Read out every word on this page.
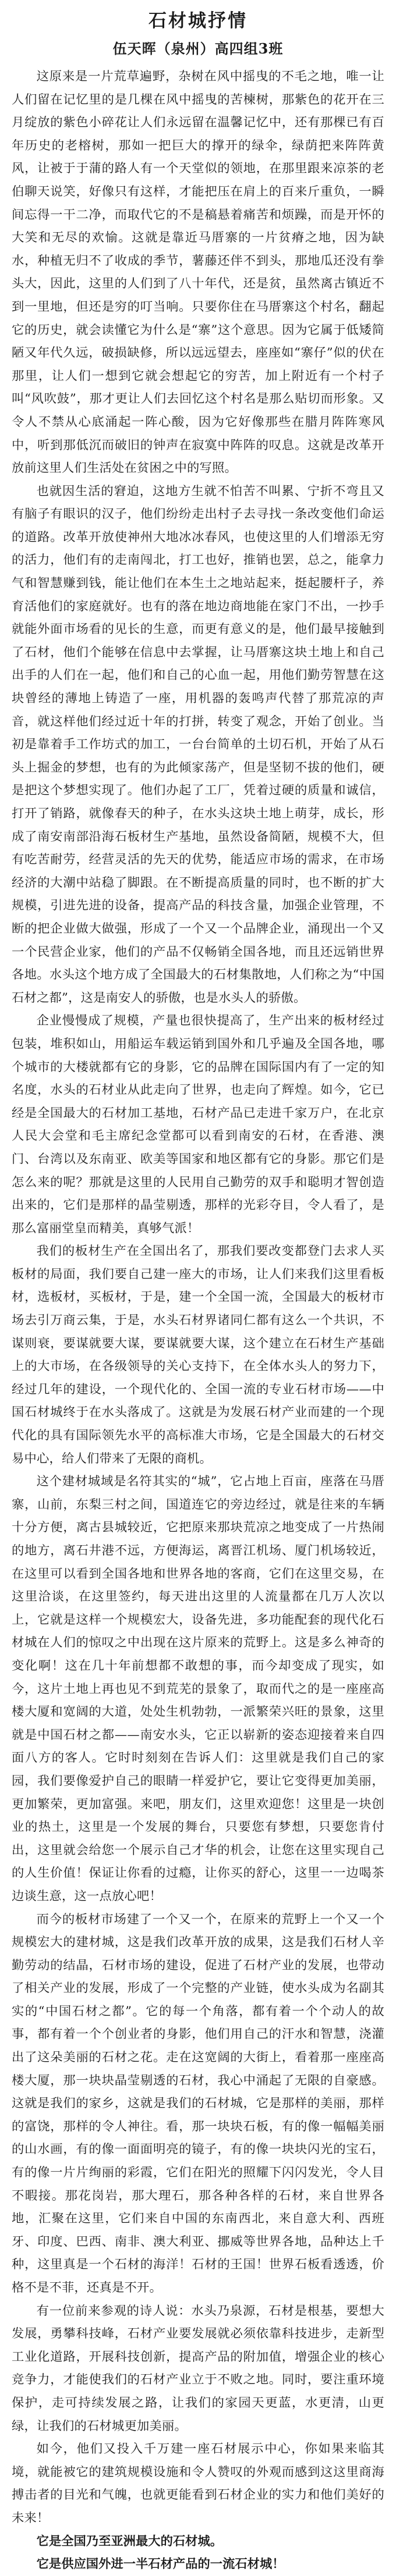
石材城抒情
伍天晖（泉州）高四组3班

这原来是一片荒草遍野，杂树在风中摇曳的不毛之地，唯一让人们留在记忆里的是几棵在风中摇曳的苦楝树，那紫色的花开在三月绽放的紫色小碎花让人们永远留在温馨记忆中，还有那棵已有百年历史的老榕树，那如一把巨大的撑开的绿伞，绿荫把来阵阵黄风，让被于于蒲的路人有一个天堂似的领地，在那里跟来凉茶的老伯聊天说笑，好像只有这样，才能把压在肩上的百来斤重负，一瞬间忘得一干二净，而取代它的不是稿悬着痛苦和烦躁，而是开怀的大笑和无尽的欢愉。这就是靠近马厝寨的一片贫瘠之地，因为缺水，种植无归不了收成的季节，薯藤还伴不到头，那地瓜还没有拳头大，因此，这里的人们到了八十年代，还是贫，虽然离古镇近不到一里地，但还是穷的叮当响。只要你住在马厝寨这个村名，翻起它的历史，就会读懂它为什么是“寨”这个意思。因为它属于低矮简陋又年代久远，破损缺修，所以远远望去，座座如“寨仔”似的伏在那里，让人们一想到它就会想起它的穷苦，加上附近有一个村子叫“风吹鼓”，那才更让人们去回忆这个村名是那么贴切而形象。又令人不禁从心底涌起一阵心酸，因为它好像那些在腊月阵阵寒风中，听到那低沉而破旧的钟声在寂寞中阵阵的叹息。这就是改革开放前这里人们生活处在贫困之中的写照。

也就因生活的窘迫，这地方生就不怕苦不叫累、宁折不弯且又有脑子有眼识的汉子，他们纷纷走出村子去寻找一条改变他们命运的道路。改革开放使神州大地冰冰春风，也使这里的人们增添无穷的活力，他们有的走南闯北，打工也好，推销也罢，总之，能拿力气和智慧赚到钱，能让他们在本生土之地站起来，挺起腰杆子，养育活他们的家庭就好。也有的落在地边商地能在家门不出，一抄手就能外面市场看的见长的生意，而更有意义的是，他们最早接触到了石材，他们个能够在信息中去掌握，让马厝寨这块土地上和自己出手的人们在一起，他们和自己的心血一起，用他们勤劳智慧在这块曾经的薄地上铸造了一座，用机器的轰鸣声代替了那荒凉的声音，就这样他们经过近十年的打拼，转变了观念，开始了创业。当初是靠着手工作坊式的加工，一台台简单的土切石机，开始了从石头上掘金的梦想，也有的为此倾家荡产，但是坚韧不拔的他们，硬是把这个梦想实现了。他们办起了工厂，凭着过硬的质量和诚信，打开了销路，就像春天的种子，在水头这块土地上萌芽，成长，形成了南安南部沿海石板材生产基地，虽然设备简陋，规模不大，但有吃苦耐劳，经营灵活的先天的优势，能适应市场的需求，在市场经济的大潮中站稳了脚跟。在不断提高质量的同时，也不断的扩大规模，引进先进的设备，提高产品的科技含量，加强企业管理，不断的把企业做大做强，形成了一个又一个品牌企业，涌现出一个又一个民营企业家，他们的产品不仅畅销全国各地，而且还远销世界各地。水头这个地方成了全国最大的石材集散地，人们称之为“中国石材之都”，这是南安人的骄傲，也是水头人的骄傲。

企业慢慢成了规模，产量也很快提高了，生产出来的板材经过包装，堆积如山，用船运车载运销到国外和几乎遍及全国各地，哪个城市的大楼就都有它的身影，它的品牌在国际国内有了一定的知名度，水头的石材业从此走向了世界，也走向了辉煌。如今，它已经是全国最大的石材加工基地，石材产品已走进千家万户，在北京人民大会堂和毛主席纪念堂都可以看到南安的石材，在香港、澳门、台湾以及东南亚、欧美等国家和地区都有它的身影。那它们是怎么来的呢？那就是这里的人民用自己勤劳的双手和聪明才智创造出来的，它们是那样的晶莹剔透，那样的光彩夺目，令人看了，是那么富丽堂皇而精美，真够气派！

我们的板材生产在全国出名了，那我们要改变都登门去求人买板材的局面，我们要自己建一座大的市场，让人们来我们这里看板材，选板材，买板材，于是，建一个全国一流，全国最大的板材市场去引万商云集，于是，水头石材界诸同仁都有这么一个共识，不谋则衰，要谋就要大谋，要谋就要大谋，这个建立在石材生产基础上的大市场，在各级领导的关心支持下，在全体水头人的努力下，经过几年的建设，一个现代化的、全国一流的专业石材市场——中国石材城终于在水头落成了。这就是为发展石材产业而建的一个现代化的具有国际领先水平的高标准大市场，它是全国最大的石材交易中心，给人们带来了无限的商机。

这个建材城域是名符其实的“城”，它占地上百亩，座落在马厝寨，山前，东梨三村之间，国道连它的旁边经过，就是往来的车辆十分方便，离古县城较近，它把原来那块荒凉之地变成了一片热闹的地方，离石井港不远，方便海运，离晋江机场、厦门机场较近，在这里可以看到全国各地和世界各地的客商，它们在这里交易，在这里洽谈，在这里签约，每天进出这里的人流量都在几万人次以上，它就是这样一个规模宏大，设备先进，多功能配套的现代化石材城在人们的惊叹之中出现在这片原来的荒野上。这是多么神奇的变化啊！这在几十年前想都不敢想的事，而今却变成了现实，如今，这片土地上再也见不到荒芜的景象了，取而代之的是一座座高楼大厦和宽阔的大道，处处生机勃勃，一派繁荣兴旺的景象，这里就是中国石材之都——南安水头，它正以崭新的姿态迎接着来自四面八方的客人。它时时刻刻在告诉人们：这里就是我们自己的家园，我们要像爱护自己的眼睛一样爱护它，要让它变得更加美丽，更加繁荣，更加富强。来吧，朋友们，这里欢迎您！这里是一块创业的热土，这里是一个发展的舞台，只要您有梦想，只要您肯付出，这里就会给您一个展示自己才华的机会，让您在这里实现自己的人生价值！保证让你看的过瘾，让你买的舒心，这里一一边喝茶边谈生意，这一点放心吧！

而今的板材市场建了一个又一个，在原来的荒野上一个又一个规模宏大的建材城，这是我们改革开放的成果，这是我们石材人辛勤劳动的结晶，石材市场的建设，促进了石材产业的发展，也带动了相关产业的发展，形成了一个完整的产业链，使水头成为名副其实的“中国石材之都”。它的每一个角落，都有着一个个动人的故事，都有着一个个创业者的身影，他们用自己的汗水和智慧，浇灌出了这朵美丽的石材之花。走在这宽阔的大街上，看着那一座座高楼大厦，那一块块晶莹剔透的石材，我心中涌起了无限的自豪感。这就是我们的家乡，这就是我们的石材城，它是那样的美丽，那样的富饶，那样的令人神往。看，那一块块石板，有的像一幅幅美丽的山水画，有的像一面面明亮的镜子，有的像一块块闪光的宝石，有的像一片片绚丽的彩霞，它们在阳光的照耀下闪闪发光，令人目不暇接。那花岗岩，那大理石，那各种各样的石材，来自世界各地，汇聚在这里，它们来自中国的东南西北，来自意大利、西班牙、印度、巴西、南非、澳大利亚、挪威等世界各地，品种达上千种，这里真是一个石材的海洋！石材的王国！世界石板看透透，价格不是不菲，还真是不开。

有一位前来参观的诗人说：水头乃泉源，石材是根基，要想大发展，勇攀科技峰，石材产业要发展就必须依靠科技进步，走新型工业化道路，开展科技创新，提高产品的附加值，增强企业的核心竞争力，才能使我们的石材产业立于不败之地。同时，要注重环境保护，走可持续发展之路，让我们的家园天更蓝，水更清，山更绿，让我们的石材城更加美丽。

如今，他们又投入千万建一座石材展示中心，你如果来临其境，就能被它的建筑规模设施和令人赞叹的外观而感到这这里商海搏击者的目光和气魄，也就更能看到石材企业的实力和他们美好的未来！

它是全国乃至亚洲最大的石材城。

它是供应国外进一半石材产品的一流石材城！
